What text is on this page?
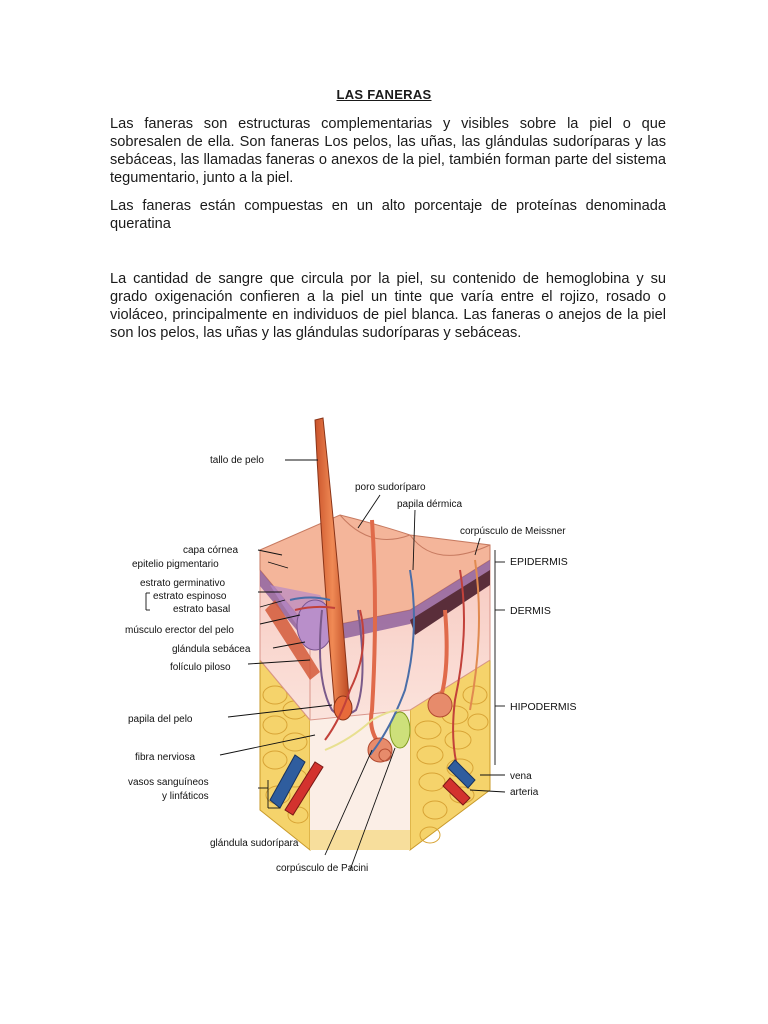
LAS FANERAS

Las faneras son estructuras complementarias y visibles sobre la piel o que sobresalen de ella. Son faneras Los pelos, las uñas, las glándulas sudoríparas y las sebáceas, las llamadas faneras o anexos de la piel, también forman parte del sistema tegumentario, junto a la piel.

Las faneras están compuestas en un alto porcentaje de proteínas denominada queratina

La cantidad de sangre que circula por la piel, su contenido de hemoglobina y su grado oxigenación confieren a la piel un tinte que varía entre el rojizo, rosado o violáceo, principalmente en individuos de piel blanca. Las faneras o anejos de la piel son los pelos, las uñas y las glándulas sudoríparas y sebáceas.

tallo de pelo
poro sudoríparo
papila dérmica
corpúsculo de Meissner
capa córnea
epitelio pigmentario
estrato germinativo
estrato espinoso
estrato basal
músculo erector del pelo
glándula sebácea
folículo piloso
papila del pelo
fibra nerviosa
vasos sanguíneos
y linfáticos
glándula sudorípara
corpúsculo de Pacini
EPIDERMIS
DERMIS
HIPODERMIS
vena
arteria
